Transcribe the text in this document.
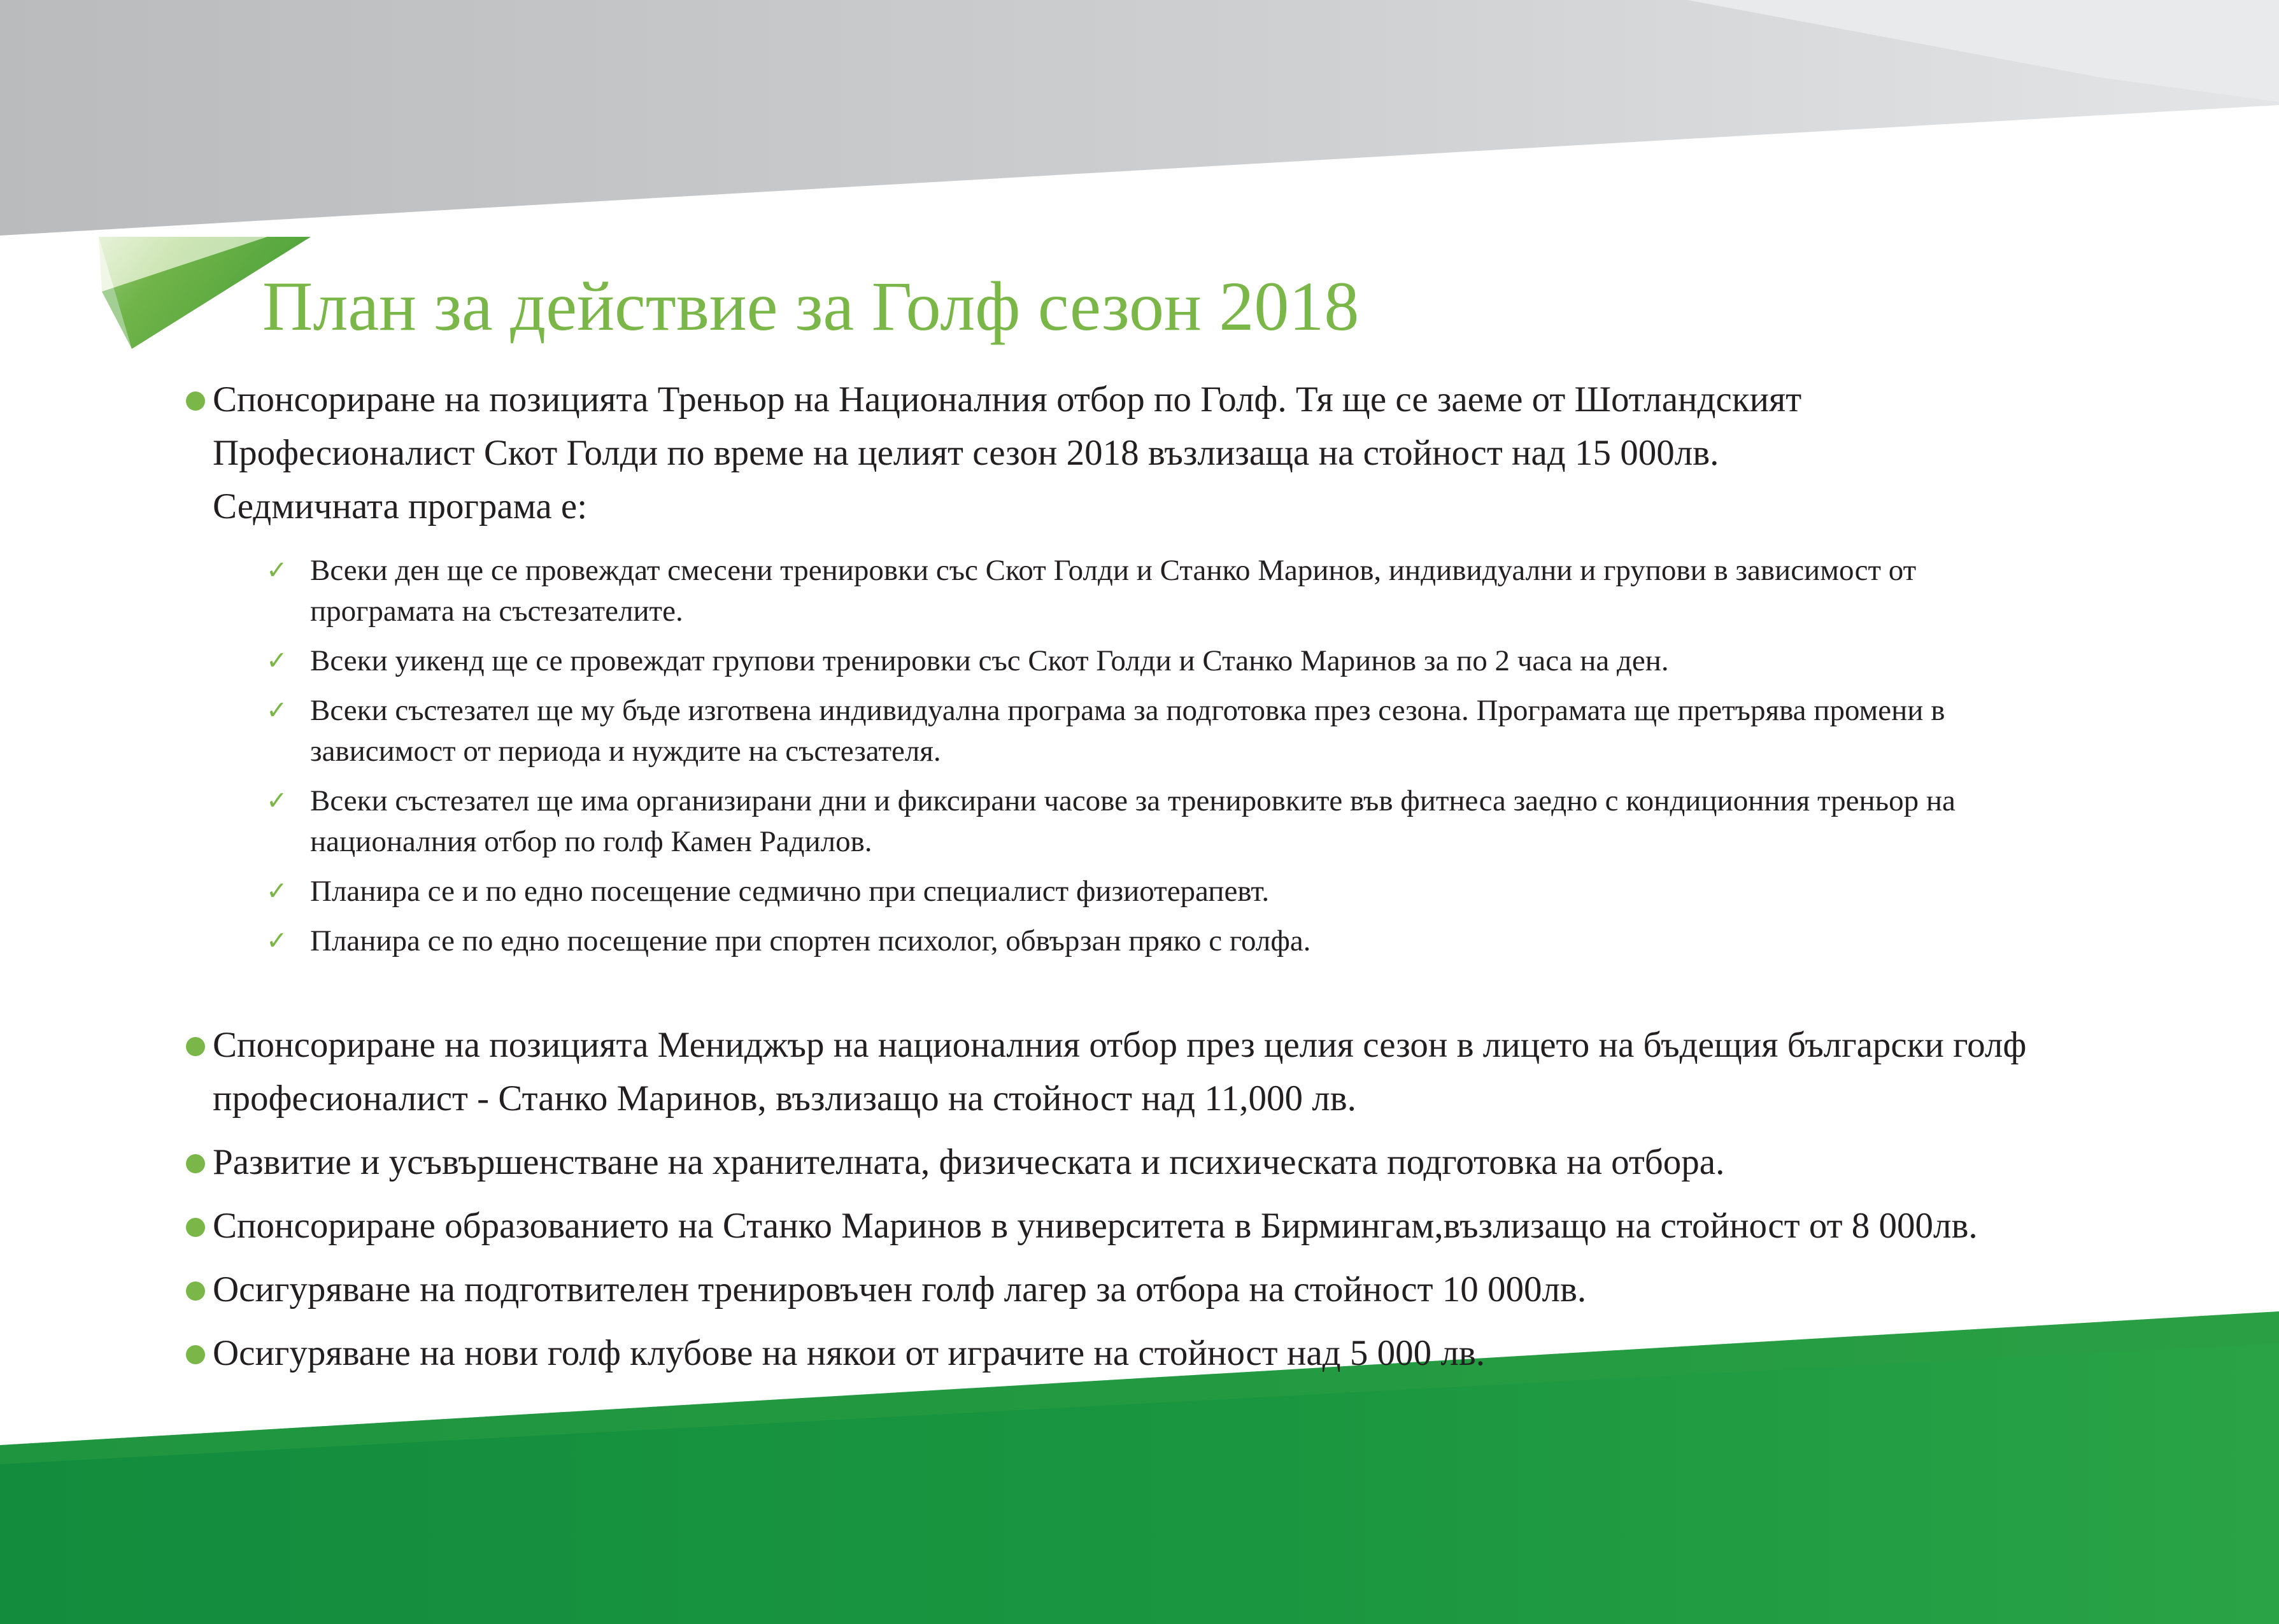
План за действие за Голф сезон 2018
Спонсориране на позицията Треньор на Националния отбор по Голф. Тя ще се заеме от Шотландският
Професионалист Скот Голди по време на целият сезон 2018 възлизаща на стойност над 15 000лв.
Седмичната програма е:
✓ Всеки ден ще се провеждат смесени тренировки със Скот Голди и Станко Маринов, индивидуални и групови в зависимост от
програмата на състезателите.
✓ Всеки уикенд ще се провеждат групови тренировки със Скот Голди и Станко Маринов за по 2 часа на ден.
✓ Всеки състезател ще му бъде изготвена индивидуална програма за подготовка през сезона. Програмата ще претърява промени в
зависимост от периода и нуждите на състезателя.
✓ Всеки състезател ще има организирани дни и фиксирани часове за тренировките във фитнеса заедно с кондиционния треньор на
националния отбор по голф Камен Радилов.
✓ Планира се и по едно посещение седмично при специалист физиотерапевт.
✓ Планира се по едно посещение при спортен психолог, обвързан пряко с голфа.
Спонсориране на позицията Мениджър на националния отбор през целия сезон в лицето на бъдещия български голф
професионалист - Станко Маринов, възлизащо на стойност над 11,000 лв.
Развитие и усъвършенстване на хранителната, физическата и психическата подготовка на отбора.
Спонсориране образованието на Станко Маринов в университета в Бирмингам,възлизащо на стойност от 8 000лв.
Осигуряване на подготвителен тренировъчен голф лагер за отбора на стойност 10 000лв.
Осигуряване на нови голф клубове на някои от играчите на стойност над 5 000 лв.
